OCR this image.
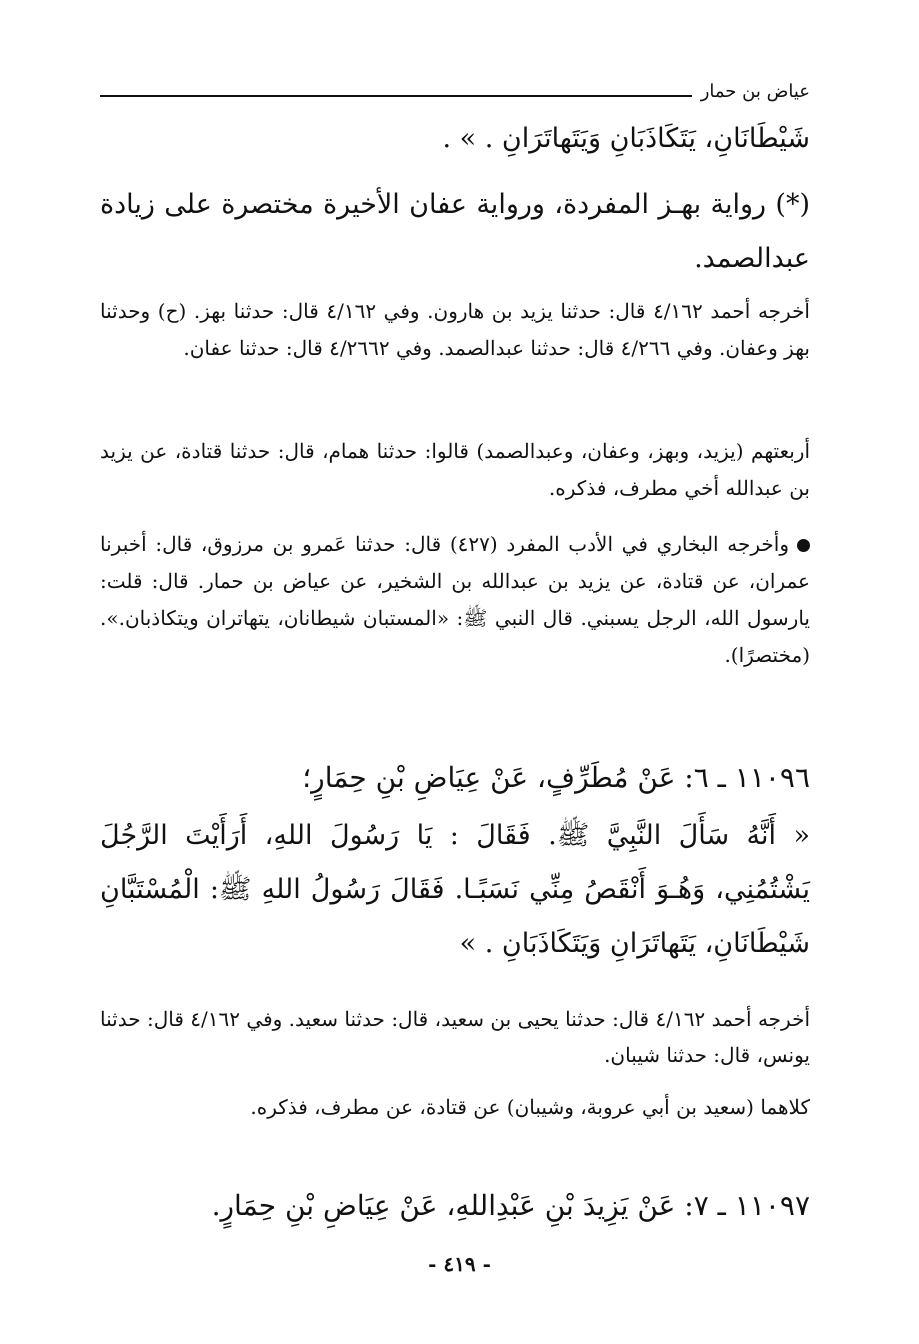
عياض بن حمار

شَيْطَانَانِ، يَتَكَاذَبَانِ وَيَتَهاتَرَانِ . » .

(*) رواية بهـز المفردة، ورواية عفان الأخيرة مختصرة على زيادة عبدالصمد.

أخرجه أحمد ٤/١٦٢ قال: حدثنا يزيد بن هارون. وفي ٤/١٦٢ قال: حدثنا بهز. (ح) وحدثنا بهز وعفان. وفي ٤/٢٦٦ قال: حدثنا عبدالصمد. وفي ٤/٢٦٦٢ قال: حدثنا عفان.

أربعتهم (يزيد، وبهز، وعفان، وعبدالصمد) قالوا: حدثنا همام، قال: حدثنا قتادة، عن يزيد بن عبدالله أخي مطرف، فذكره.

وأخرجه البخاري في الأدب المفرد (٤٢٧) قال: حدثنا عَمرو بن مرزوق، قال: أخبرنا عمران، عن قتادة، عن يزيد بن عبدالله بن الشخير، عن عياض بن حمار. قال: قلت: يارسول الله، الرجل يسبني. قال النبي ﷺ: «المستبان شيطانان، يتهاتران ويتكاذبان.». (مختصرًا).

١١٠٩٦ ـ ٦: عَنْ مُطَرِّفٍ، عَنْ عِيَاضِ بْنِ حِمَارٍ؛

« أَنَّهُ سَأَلَ النَّبِيَّ ﷺ. فَقَالَ : يَا رَسُولَ اللهِ، أَرَأَيْتَ الرَّجُلَ يَشْتُمُنِي، وَهُـوَ أَنْقَصُ مِنِّي نَسَبًـا. فَقَالَ رَسُولُ اللهِ ﷺ: الْمُسْتَبَّانِ شَيْطَانَانِ، يَتَهاتَرَانِ وَيَتَكَاذَبَانِ . »

أخرجه أحمد ٤/١٦٢ قال: حدثنا يحيى بن سعيد، قال: حدثنا سعيد. وفي ٤/١٦٢ قال: حدثنا يونس، قال: حدثنا شيبان.

كلاهما (سعيد بن أبي عروبة، وشيبان) عن قتادة، عن مطرف، فذكره.

١١٠٩٧ ـ ٧: عَنْ يَزِيدَ بْنِ عَبْدِاللهِ، عَنْ عِيَاضِ بْنِ حِمَارٍ.

- ٤١٩ -
